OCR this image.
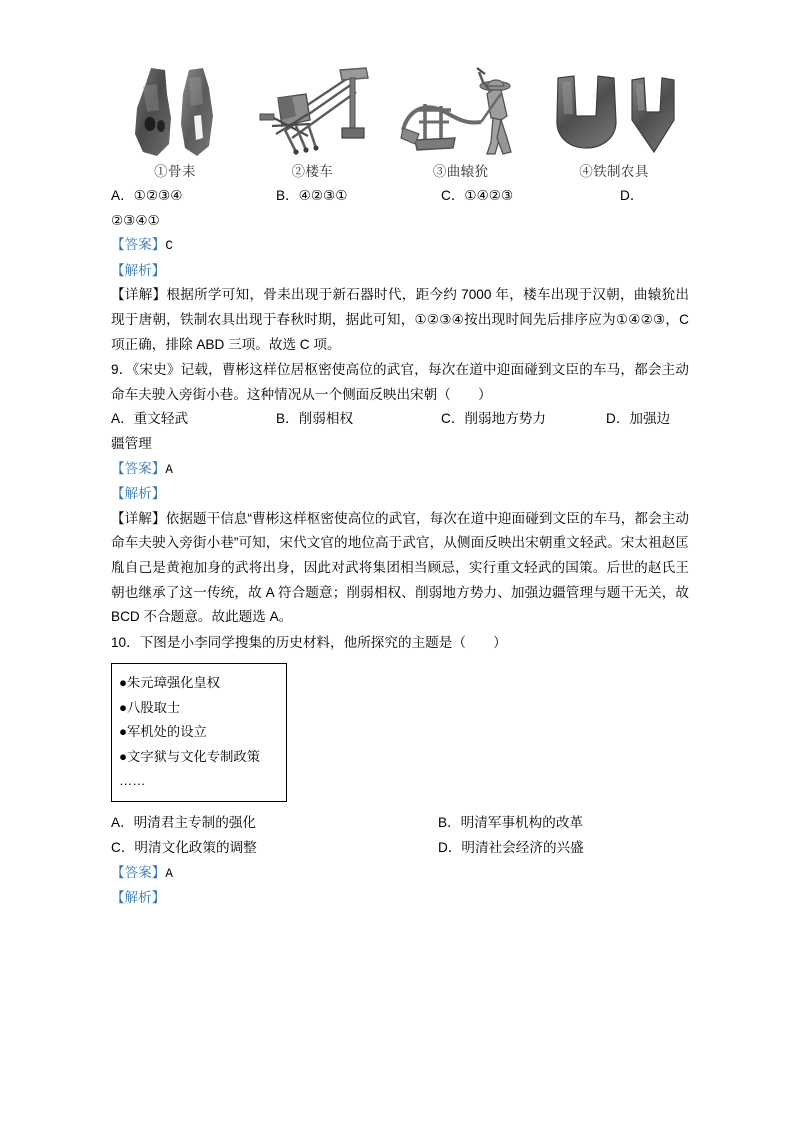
①骨耒	②楼车	③曲辕狁	④铁制农具
A．①②③④	B．④②③①	C．①④②③	D．
②③④①
【答案】C
【解析】
【详解】根据所学可知，骨耒出现于新石器时代，距今约 7000 年，楼车出现于汉朝，曲辕狁出现于唐朝，铁制农具出现于春秋时期，据此可知，①②③④按出现时间先后排序应为①④②③，C 项正确，排除 ABD 三项。故选 C 项。
9．《宋史》记载，曹彬这样位居枢密使高位的武官，每次在道中迎面碰到文臣的车马，都会主动命车夫驶入旁街小巷。这种情况从一个侧面反映出宋朝（　　）
A．重文轻武	B．削弱相权	C．削弱地方势力	D．加强边
疆管理
【答案】A
【解析】
【详解】依据题干信息“曹彬这样枢密使高位的武官，每次在道中迎面碰到文臣的车马，都会主动命车夫驶入旁街小巷”可知，宋代文官的地位高于武官，从侧面反映出宋朝重文轻武。宋太祖赵匡胤自己是黄袍加身的武将出身，因此对武将集团相当顾忌，实行重文轻武的国策。后世的赵氏王朝也继承了这一传统，故 A 符合题意；削弱相权、削弱地方势力、加强边疆管理与题干无关，故 BCD 不合题意。故此题选 A。
10．下图是小李同学搜集的历史材料，他所探究的主题是（　　）
●朱元璋强化皇权
●八股取士
●军机处的设立
●文字狱与文化专制政策
……
A．明清君主专制的强化	B．明清军事机构的改革
C．明清文化政策的调整	D．明清社会经济的兴盛
【答案】A
【解析】
